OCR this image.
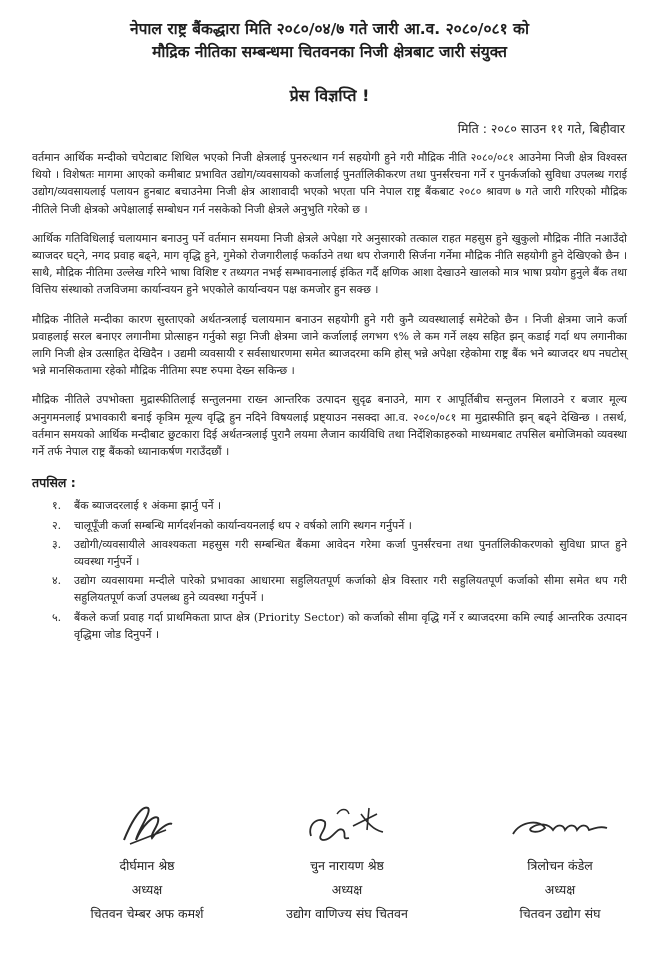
नेपाल राष्ट्र बैंकद्धारा मिति २०८०/०४/७ गते जारी आ.व. २०८०/०८१ को
मौद्रिक नीतिका सम्बन्धमा चितवनका निजी क्षेत्रबाट जारी संयुक्त
प्रेस विज्ञप्ति !
मिति : २०८० साउन ११ गते, बिहीवार

वर्तमान आर्थिक मन्दीको चपेटाबाट शिथिल भएको निजी क्षेत्रलाई पुनरुत्थान गर्न सहयोगी हुने गरी मौद्रिक नीति २०८०/०८१ आउनेमा निजी क्षेत्र विश्वस्त थियो । विशेषतः मागमा आएको कमीबाट प्रभावित उद्योग/व्यवसायको कर्जालाई पुनर्तालिकीकरण तथा पुनर्संरचना गर्ने र पुनर्कर्जाको सुविधा उपलब्ध गराई उद्योग/व्यवसायलाई पलायन हुनबाट बचाउनेमा निजी क्षेत्र आशावादी भएको भएता पनि नेपाल राष्ट्र बैंकबाट २०८० श्रावण ७ गते जारी गरिएको मौद्रिक नीतिले निजी क्षेत्रको अपेक्षालाई सम्बोधन गर्न नसकेको निजी क्षेत्रले अनुभुति गरेको छ ।

आर्थिक गतिविधिलाई चलायमान बनाउनु पर्ने वर्तमान समयमा निजी क्षेत्रले अपेक्षा गरे अनुसारको तत्काल राहत महसुस हुने खुकुलो मौद्रिक नीति नआउँदो ब्याजदर घट्ने, नगद प्रवाह बढ्ने, माग वृद्धि हुने, गुमेको रोजगारीलाई फर्काउने तथा थप रोजगारी सिर्जना गर्नेमा मौद्रिक नीति सहयोगी हुने देखिएको छैन । साथै, मौद्रिक नीतिमा उल्लेख गरिने भाषा विशिष्ट र तथ्यगत नभई सम्भावनालाई इंकित गर्दै क्षणिक आशा देखाउने खालको मात्र भाषा प्रयोग हुनुले बैंक तथा वित्तिय संस्थाको तजविजमा कार्यान्वयन हुने भएकोले कार्यान्वयन पक्ष कमजोर हुन सक्छ ।

मौद्रिक नीतिले मन्दीका कारण सुस्ताएको अर्थतन्त्रलाई चलायमान बनाउन सहयोगी हुने गरी कुनै व्यवस्थालाई समेटेको छैन । निजी क्षेत्रमा जाने कर्जा प्रवाहलाई सरल बनाएर लगानीमा प्रोत्साहन गर्नुको सट्टा निजी क्षेत्रमा जाने कर्जालाई लगभग ९% ले कम गर्ने लक्ष्य सहित झन् कडाई गर्दा थप लगानीका लागि निजी क्षेत्र उत्साहित देखिदैन । उद्यमी व्यवसायी र सर्वसाधारणमा समेत ब्याजदरमा कमि होस् भन्ने अपेक्षा रहेकोमा राष्ट्र बैंक भने ब्याजदर थप नघटोस् भन्ने मानसिकतामा रहेको मौद्रिक नीतिमा स्पष्ट रुपमा देख्न सकिन्छ ।

मौद्रिक नीतिले उपभोक्ता मुद्रास्फीतिलाई सन्तुलनमा राख्न आन्तरिक उत्पादन सुदृढ बनाउने, माग र आपूर्तिबीच सन्तुलन मिलाउने र बजार मूल्य अनुगमनलाई प्रभावकारी बनाई कृत्रिम मूल्य वृद्धि हुन नदिने विषयलाई प्रष्ट्याउन नसक्दा आ.व. २०८०/०८१ मा मुद्रास्फीति झन् बढ्ने देखिन्छ । तसर्थ, वर्तमान समयको आर्थिक मन्दीबाट छुटकारा दिई अर्थतन्त्रलाई पुरानै लयमा लैजान कार्यविधि तथा निर्देशिकाहरुको माध्यमबाट तपसिल बमोजिमको व्यवस्था गर्ने तर्फ नेपाल राष्ट्र बैंकको ध्यानाकर्षण गराउँदछौं ।

तपसिल :
१. बैंक ब्याजदरलाई १ अंकमा झार्नु पर्ने ।
२. चालूपूँजी कर्जा सम्बन्धि मार्गदर्शनको कार्यान्वयनलाई थप २ वर्षको लागि स्थगन गर्नुपर्ने ।
३. उद्योगी/व्यवसायीले आवश्यकता महसुस गरी सम्बन्धित बैंकमा आवेदन गरेमा कर्जा पुनर्संरचना तथा पुनर्तालिकीकरणको सुविधा प्राप्त हुने व्यवस्था गर्नुपर्ने ।
४. उद्योग व्यवसायमा मन्दीले पारेको प्रभावका आधारमा सहुलियतपूर्ण कर्जाको क्षेत्र विस्तार गरी सहुलियतपूर्ण कर्जाको सीमा समेत थप गरी सहुलियतपूर्ण कर्जा उपलब्ध हुने व्यवस्था गर्नुपर्ने ।
५. बैंकले कर्जा प्रवाह गर्दा प्राथमिकता प्राप्त क्षेत्र (Priority Sector) को कर्जाको सीमा वृद्धि गर्ने र ब्याजदरमा कमि ल्याई आन्तरिक उत्पादन वृद्धिमा जोड दिनुपर्ने ।
दीर्घमान श्रेष्ठ
अध्यक्ष
चितवन चेम्बर अफ कमर्श
चुन नारायण श्रेष्ठ
अध्यक्ष
उद्योग वाणिज्य संघ चितवन
त्रिलोचन कंडेल
अध्यक्ष
चितवन उद्योग संघ
